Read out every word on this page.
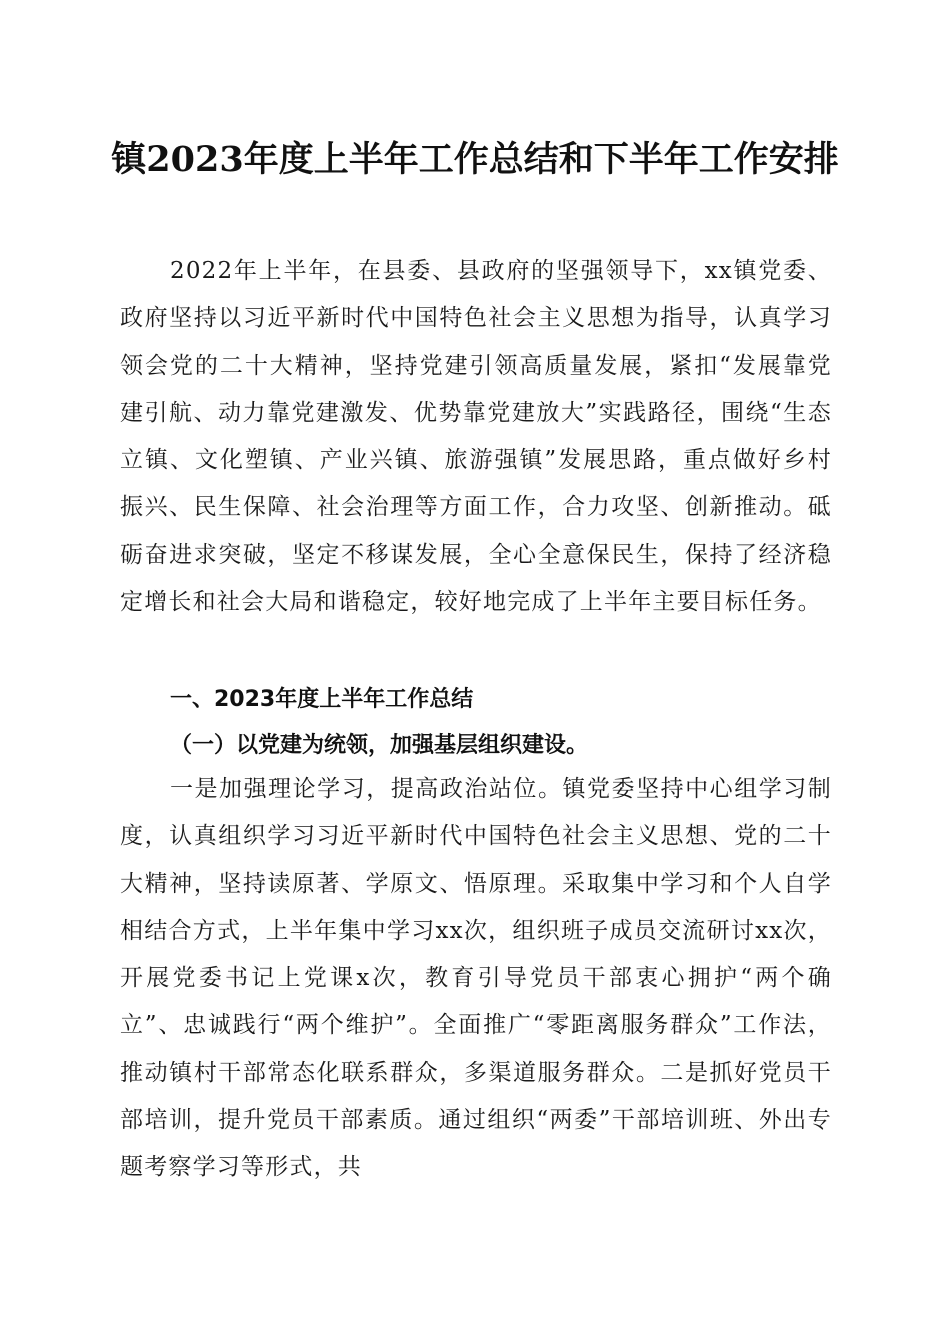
镇2023年度上半年工作总结和下半年工作安排

2022年上半年，在县委、县政府的坚强领导下，xx镇党委、政府坚持以习近平新时代中国特色社会主义思想为指导，认真学习领会党的二十大精神，坚持党建引领高质量发展，紧扣“发展靠党建引航、动力靠党建激发、优势靠党建放大”实践路径，围绕“生态立镇、文化塑镇、产业兴镇、旅游强镇”发展思路，重点做好乡村振兴、民生保障、社会治理等方面工作，合力攻坚、创新推动。砥砺奋进求突破，坚定不移谋发展，全心全意保民生，保持了经济稳定增长和社会大局和谐稳定，较好地完成了上半年主要目标任务。

一、2023年度上半年工作总结
（一）以党建为统领，加强基层组织建设。

一是加强理论学习，提高政治站位。镇党委坚持中心组学习制度，认真组织学习习近平新时代中国特色社会主义思想、党的二十大精神，坚持读原著、学原文、悟原理。采取集中学习和个人自学相结合方式，上半年集中学习xx次，组织班子成员交流研讨xx次，开展党委书记上党课x次，教育引导党员干部衷心拥护“两个确立”、忠诚践行“两个维护”。全面推广“零距离服务群众”工作法，推动镇村干部常态化联系群众，多渠道服务群众。二是抓好党员干部培训，提升党员干部素质。通过组织“两委”干部培训班、外出专题考察学习等形式，共
